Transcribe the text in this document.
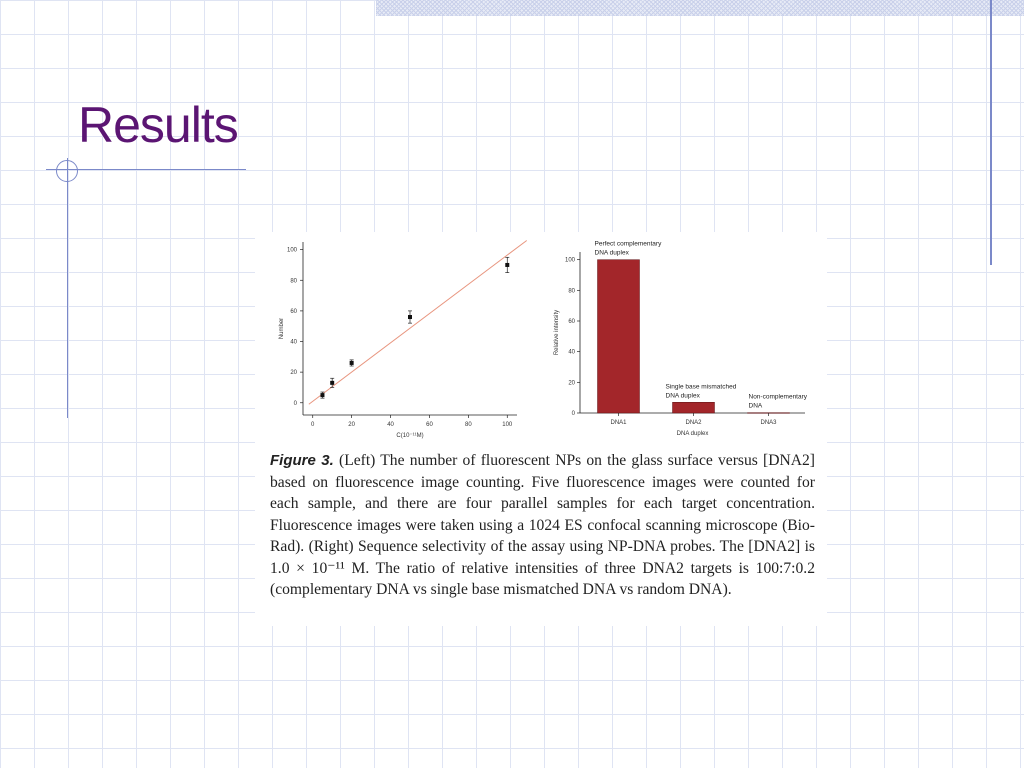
Results
0
20
40
60
80
100
0	20	40	60	80	100
Number
C(10⁻¹¹M)
0
20
40
60
80
100
Relative intensity
DNA1	DNA2	DNA3
DNA duplex
Perfect complementary
DNA duplex
Single base mismatched
DNA duplex	Non-complementary
DNA
Figure 3. (Left) The number of fluorescent NPs on the glass surface versus [DNA2] based on fluorescence image counting. Five fluorescence images were counted for each sample, and there are four parallel samples for each target concentration. Fluorescence images were taken using a 1024 ES confocal scanning microscope (Bio-Rad). (Right) Sequence selectivity of the assay using NP-DNA probes. The [DNA2] is 1.0 × 10⁻¹¹ M. The ratio of relative intensities of three DNA2 targets is 100:7:0.2 (complementary DNA vs single base mismatched DNA vs random DNA).
